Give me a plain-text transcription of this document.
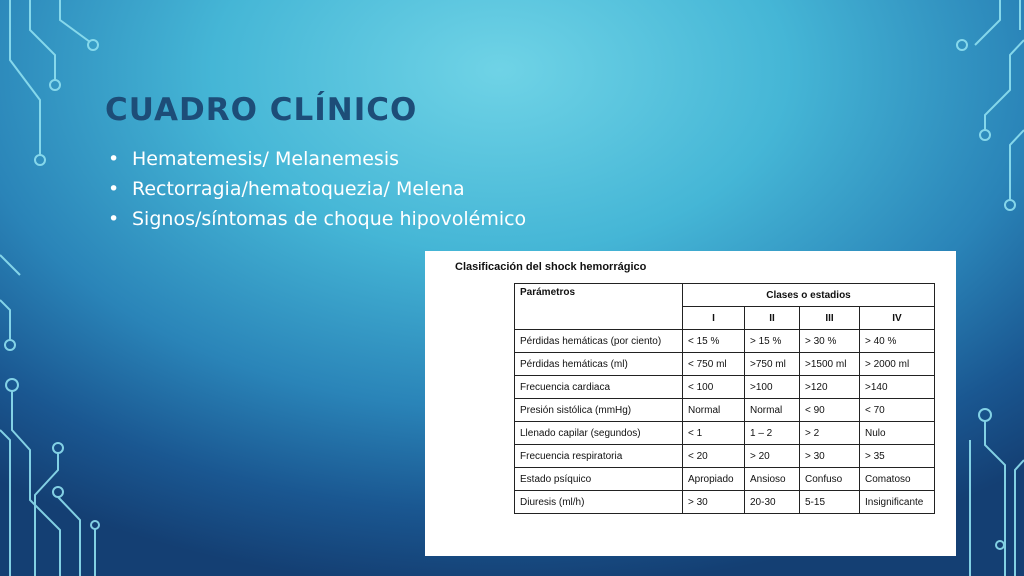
CUADRO CLÍNICO
• Hematemesis/ Melanemesis
• Rectorragia/hematoquezia/ Melena
• Signos/síntomas de choque hipovolémico
Clasificación del shock hemorrágico
Parámetros	Clases o estadios			
	I	II	III	IV
Pérdidas hemáticas (por ciento)	< 15 %	> 15 %	> 30 %	> 40 %
Pérdidas hemáticas (ml)	< 750 ml	>750 ml	>1500 ml	> 2000 ml
Frecuencia cardiaca	< 100	>100	>120	>140
Presión sistólica (mmHg)	Normal	Normal	< 90	< 70
Llenado capilar (segundos)	< 1	1 – 2	> 2	Nulo
Frecuencia respiratoria	< 20	> 20	> 30	> 35
Estado psíquico	Apropiado	Ansioso	Confuso	Comatoso
Diuresis (ml/h)	> 30	20-30	5-15	Insignificante
